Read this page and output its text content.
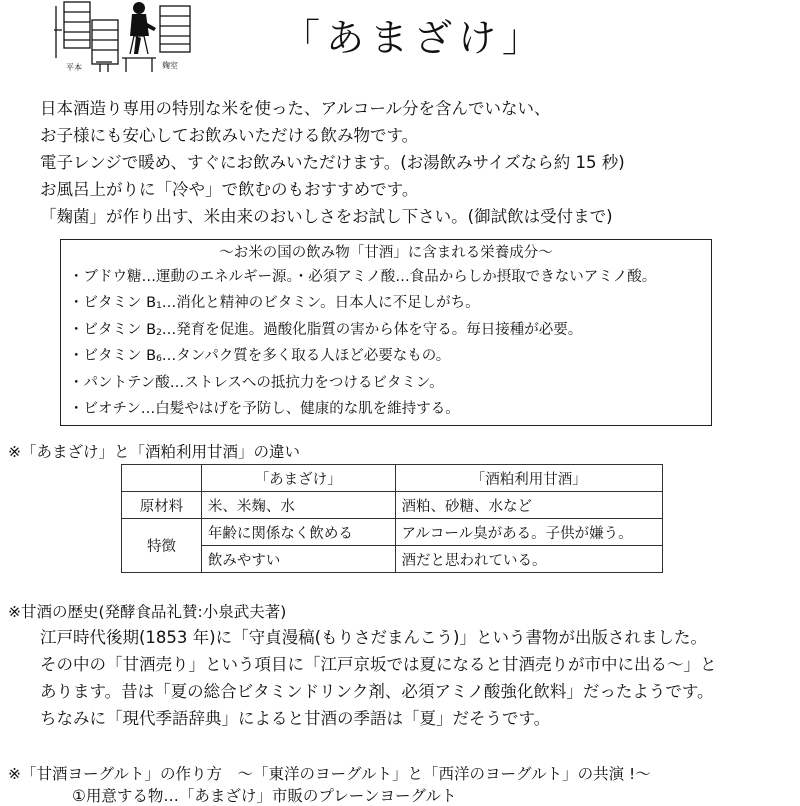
平本	麹室
「あまざけ」
日本酒造り専用の特別な米を使った、アルコール分を含んでいない、
お子様にも安心してお飲みいただける飲み物です。
電子レンジで暖め、すぐにお飲みいただけます。(お湯飲みサイズなら約 15 秒)
お風呂上がりに「冷や」で飲むのもおすすめです。
「麹菌」が作り出す、米由来のおいしさをお試し下さい。(御試飲は受付まで)
～お米の国の飲み物「甘酒」に含まれる栄養成分～
・ブドウ糖…運動のエネルギー源。・必須アミノ酸…食品からしか摂取できないアミノ酸。
・ビタミン $B_1\dots$消化と精神のビタミン。日本人に不足しがち。
・ビタミン $B_2\dots$発育を促進。過酸化脂質の害から体を守る。毎日接種が必要。
・ビタミン $B_6\dots$タンパク質を多く取る人ほど必要なもの。
・パントテン酸…ストレスへの抵抗力をつけるビタミン。
・ビオチン…白髪やはげを予防し、健康的な肌を維持する。
※「あまざけ」と「酒粕利用甘酒」の違い
	「あまざけ」	「酒粕利用甘酒」
原材料	米、米麹、水	酒粕、砂糖、水など
特徴	年齢に関係なく飲める	アルコール臭がある。子供が嫌う。
	飲みやすい	酒だと思われている。
※甘酒の歴史(発酵食品礼賛:小泉武夫著)
江戸時代後期(1853 年)に「守貞漫稿(もりさだまんこう)」という書物が出版されました。
その中の「甘酒売り」という項目に「江戸京坂では夏になると甘酒売りが市中に出る～」と
あります。昔は「夏の総合ビタミンドリンク剤、必須アミノ酸強化飲料」だったようです。
ちなみに「現代季語辞典」によると甘酒の季語は「夏」だそうです。
※「甘酒ヨーグルト」の作り方　～「東洋のヨーグルト」と「西洋のヨーグルト」の共演 !～
①用意する物…「あまざけ」市販のプレーンヨーグルト
